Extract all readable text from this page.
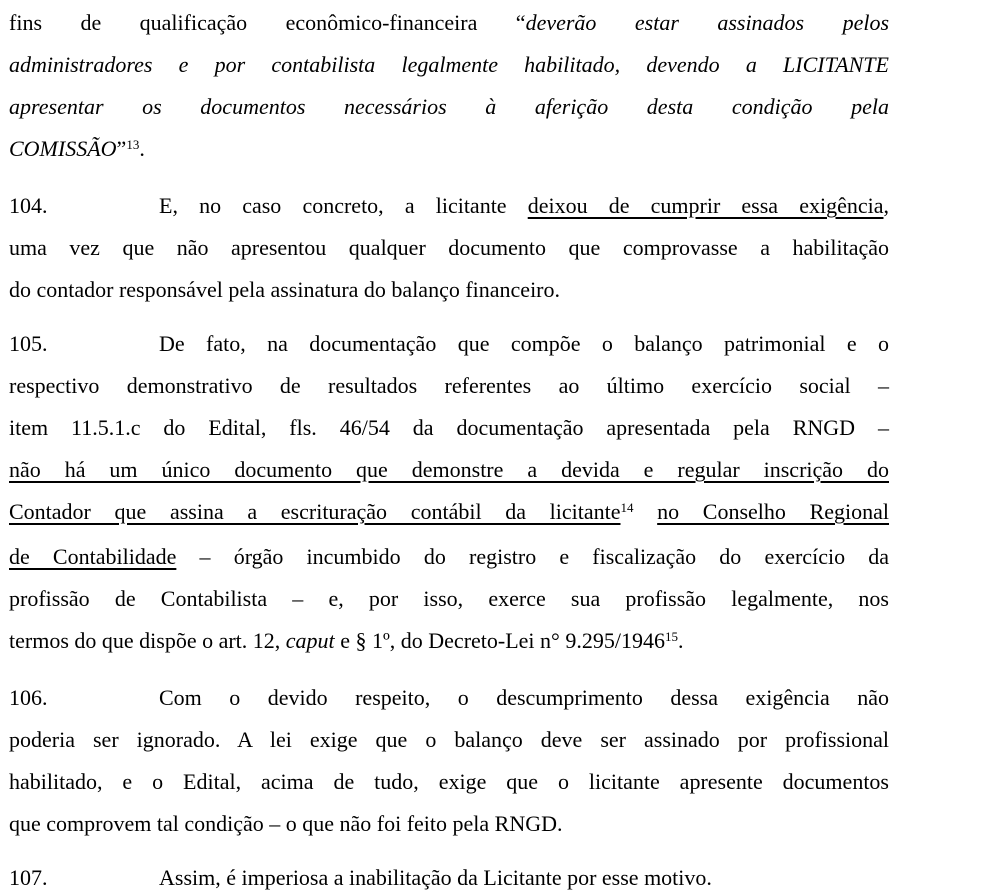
fins de qualificação econômico-financeira “deverão estar assinados pelos
administradores e por contabilista legalmente habilitado, devendo a LICITANTE
apresentar os documentos necessários à aferição desta condição pela
COMISSÃO”$^{13}$.
104.	E, no caso concreto, a licitante deixou de cumprir essa exigência,
uma vez que não apresentou qualquer documento que comprovasse a habilitação
do contador responsável pela assinatura do balanço financeiro.
105.	De fato, na documentação que compõe o balanço patrimonial e o
respectivo demonstrativo de resultados referentes ao último exercício social –
item 11.5.1.c do Edital, fls. 46/54 da documentação apresentada pela RNGD –
não há um único documento que demonstre a devida e regular inscrição do
Contador que assina a escrituração contábil da licitante$^{14}$ no Conselho Regional
de Contabilidade – órgão incumbido do registro e fiscalização do exercício da
profissão de Contabilista – e, por isso, exerce sua profissão legalmente, nos
termos do que dispõe o art. 12, caput e § 1º, do Decreto-Lei n° 9.295/1946$^{15}$.
106.	Com o devido respeito, o descumprimento dessa exigência não
poderia ser ignorado. A lei exige que o balanço deve ser assinado por profissional
habilitado, e o Edital, acima de tudo, exige que o licitante apresente documentos
que comprovem tal condição – o que não foi feito pela RNGD.
107.	Assim, é imperiosa a inabilitação da Licitante por esse motivo.
